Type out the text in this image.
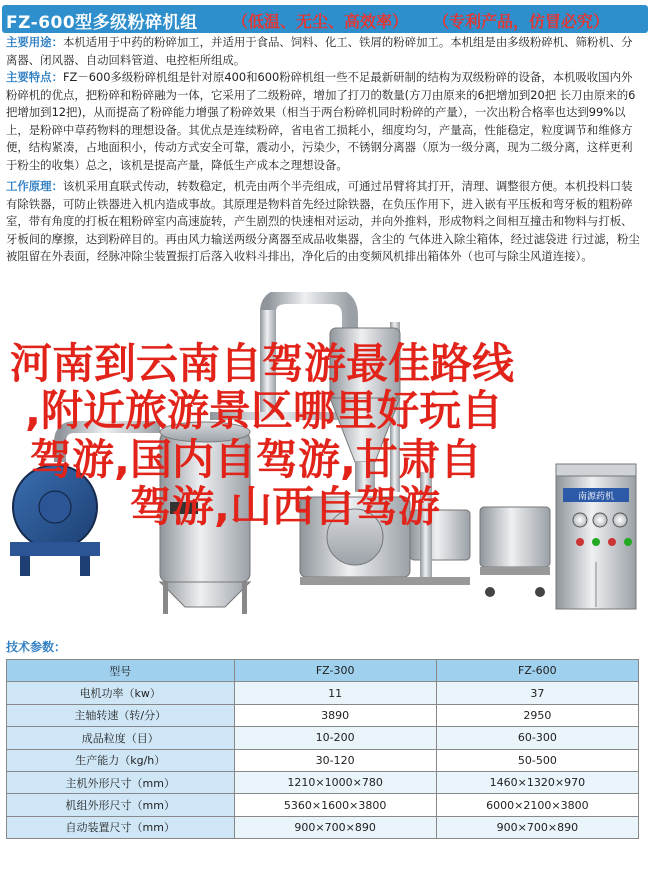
FZ-600型多级粉碎机组 （低温、无尘、高效率） （专利产品，仿冒必究）

主要用途：本机适用于中药的粉碎加工，并适用于食品、饲料、化工、铁屑的粉碎加工。本机组是由多级粉碎机、筛粉机、分离器、闭风器、自动回料管道、电控柜所组成。

主要特点：FZ－600多级粉碎机组是针对原400和600粉碎机组一些不足最新研制的结构为双级粉碎的设备，本机吸收国内外粉碎机的优点，把粉碎和粉碎融为一体，它采用了二级粉碎，增加了打刀的数量(方刀由原来的6把增加到20把 长刀由原来的6把增加到12把)，从而提高了粉碎能力增强了粉碎效果（相当于两台粉碎机同时粉碎的产量），一次出粉合格率也达到99%以上，是粉碎中草药物料的理想设备。其优点是连续粉碎，省电省工损耗小，细度均匀，产量高，性能稳定，粒度调节和维修方便，结构紧凑，占地面积小，传动方式安全可靠，震动小，污染少，不锈钢分离器（原为一级分离，现为二级分离，这样更利于粉尘的收集）总之，该机是提高产量，降低生产成本之理想设备。

工作原理：该机采用直联式传动，转数稳定，机壳由两个半壳组成，可通过吊臂将其打开，清理、调整很方便。本机投料口装有除铁器，可防止铁器进入机内造成事故。其原理是物料首先经过除铁器，在负压作用下，进入嵌有平压板和弯牙板的粗粉碎室，带有角度的打板在粗粉碎室内高速旋转，产生剧烈的快速相对运动，并向外推料，形成物料之间相互撞击和物料与打板、牙板间的摩擦，达到粉碎目的。再由风力输送两级分离器至成品收集器，含尘的 气体进入除尘箱体，经过滤袋进 行过滤，粉尘被阻留在外表面，经脉冲除尘装置振打后落入收料斗排出，净化后的由变频风机排出箱体外（也可与除尘风道连接）。

南源药机
河南到云南自驾游最佳路线
,附近旅游景区哪里好玩自
驾游,国内自驾游,甘肃自
驾游,山西自驾游
技术参数：
型号	FZ-300	FZ-600
电机功率（kw）	11	37
主轴转速（转/分）	3890	2950
成品粒度（目）	10-200	60-300
生产能力（kg/h）	30-120	50-500
主机外形尺寸（mm）	1210×1000×780	1460×1320×970
机组外形尺寸（mm）	5360×1600×3800	6000×2100×3800
自动装置尺寸（mm）	900×700×890	900×700×890
